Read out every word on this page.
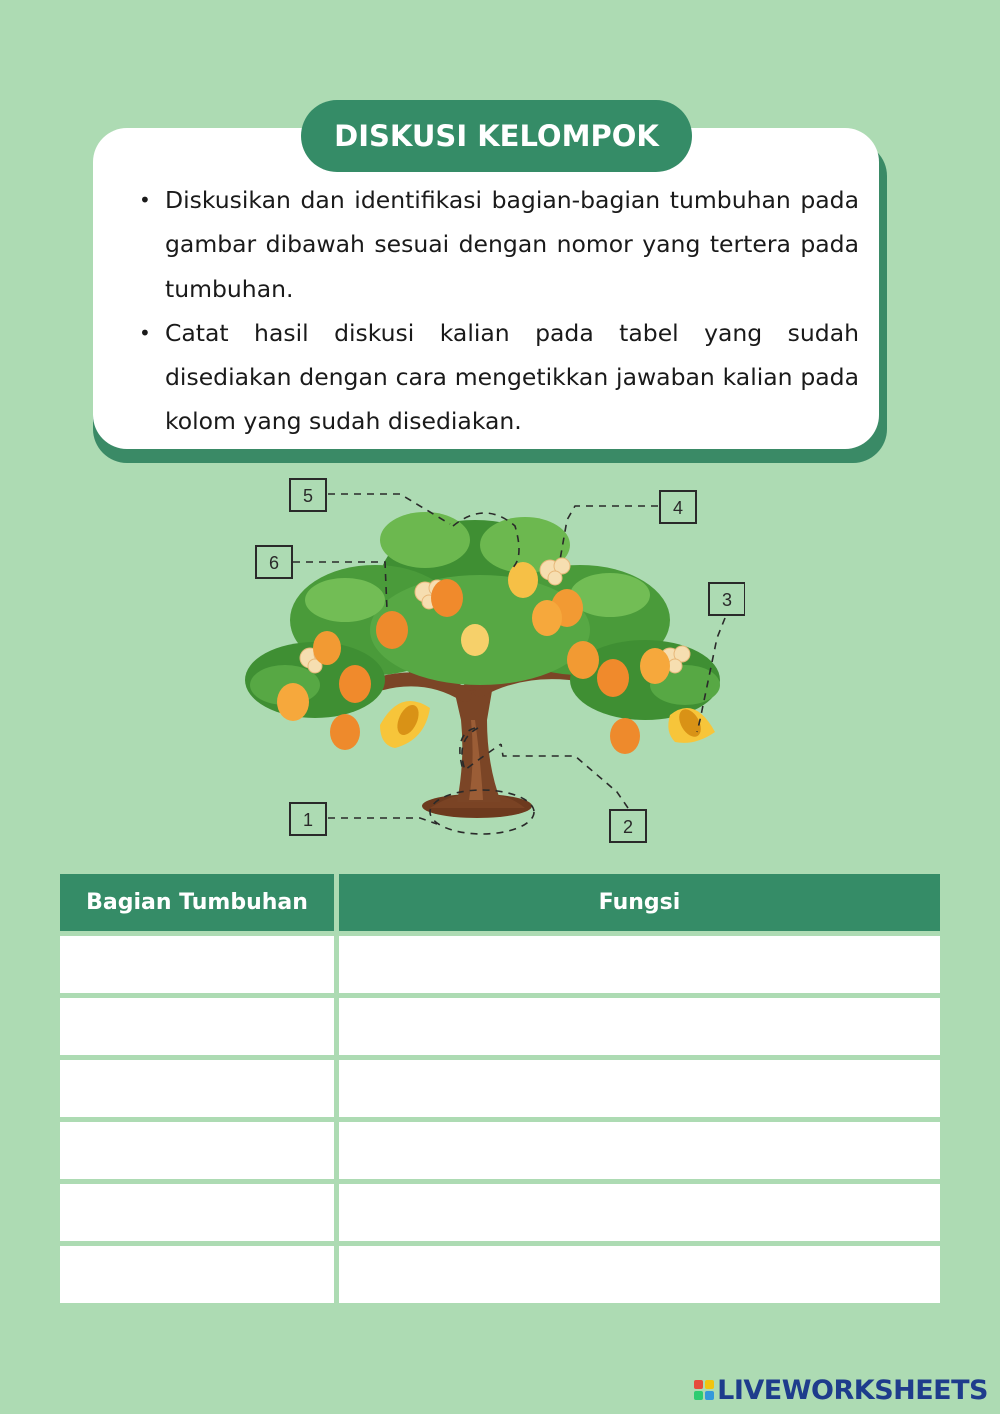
DISKUSI KELOMPOK
• Diskusikan dan identifikasi bagian-bagian tumbuhan pada gambar dibawah sesuai dengan nomor yang tertera pada tumbuhan.
• Catat hasil diskusi kalian pada tabel yang sudah disediakan dengan cara mengetikkan jawaban kalian pada kolom yang sudah disediakan.
1	2
3
4
5
6
Bagian Tumbuhan	Fungsi
LIVEWORKSHEETS
